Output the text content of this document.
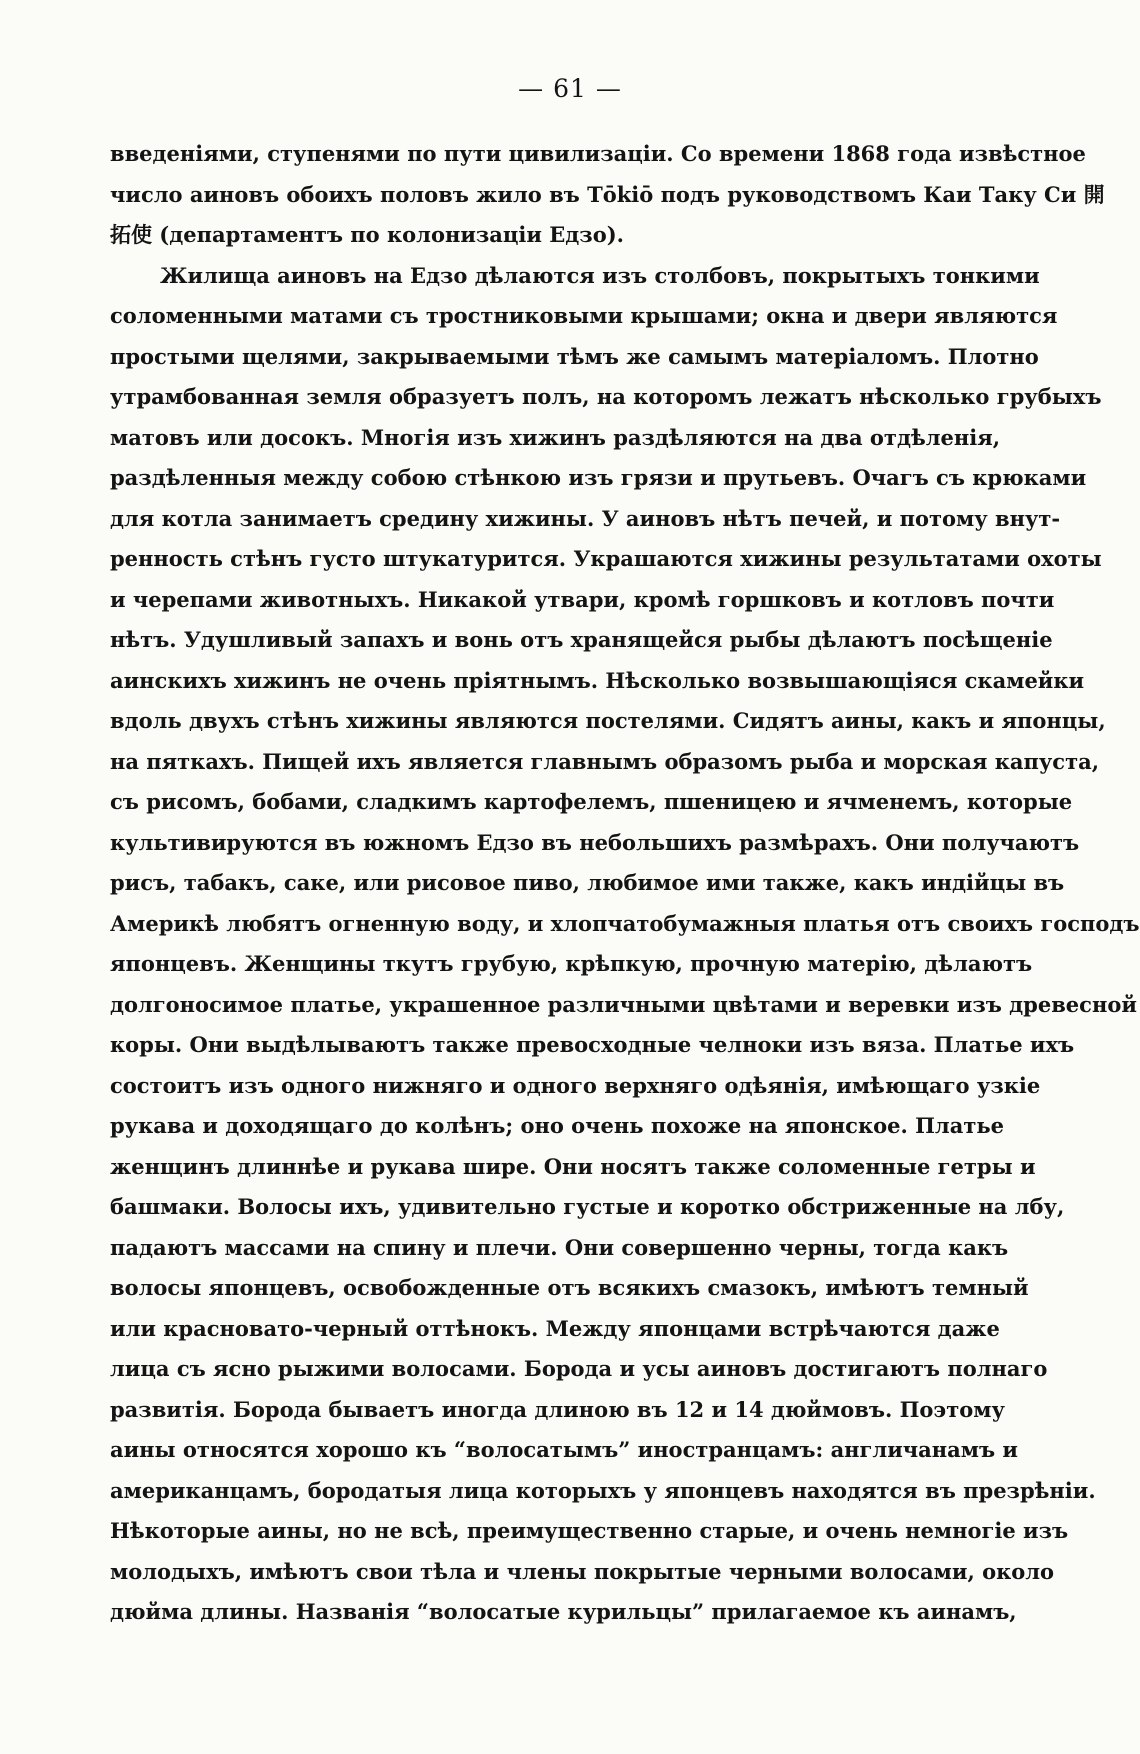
— 61 —
введеніями, ступенями по пути цивилизаціи. Со времени 1868 года извѣстное
число аиновъ обоихъ половъ жило въ Tōkiō подъ руководствомъ Каи Таку Си 開
拓使 (департаментъ по колонизаціи Едзо).
Жилища аиновъ на Едзо дѣлаются изъ столбовъ, покрытыхъ тонкими
соломенными матами съ тростниковыми крышами; окна и двери являются
простыми щелями, закрываемыми тѣмъ же самымъ матеріаломъ. Плотно
утрамбованная земля образуетъ полъ, на которомъ лежатъ нѣсколько грубыхъ
матовъ или досокъ. Многія изъ хижинъ раздѣляются на два отдѣленія,
раздѣленныя между собою стѣнкою изъ грязи и прутьевъ. Очагъ съ крюками
для котла занимаетъ средину хижины. У аиновъ нѣтъ печей, и потому внут-
ренность стѣнъ густо штукатурится. Украшаются хижины результатами охоты
и черепами животныхъ. Никакой утвари, кромѣ горшковъ и котловъ почти
нѣтъ. Удушливый запахъ и вонь отъ хранящейся рыбы дѣлаютъ посѣщеніе
аинскихъ хижинъ не очень пріятнымъ. Нѣсколько возвышающіяся скамейки
вдоль двухъ стѣнъ хижины являются постелями. Сидятъ аины, какъ и японцы,
на пяткахъ. Пищей ихъ является главнымъ образомъ рыба и морская капуста,
съ рисомъ, бобами, сладкимъ картофелемъ, пшеницею и ячменемъ, которые
культивируются въ южномъ Едзо въ небольшихъ размѣрахъ. Они получаютъ
рисъ, табакъ, саке, или рисовое пиво, любимое ими также, какъ индійцы въ
Америкѣ любятъ огненную воду, и хлопчатобумажныя платья отъ своихъ господъ
японцевъ. Женщины ткутъ грубую, крѣпкую, прочную матерію, дѣлаютъ
долгоносимое платье, украшенное различными цвѣтами и веревки изъ древесной
коры. Они выдѣлываютъ также превосходные челноки изъ вяза. Платье ихъ
состоитъ изъ одного нижняго и одного верхняго одѣянія, имѣющаго узкіе
рукава и доходящаго до колѣнъ; оно очень похоже на японское. Платье
женщинъ длиннѣе и рукава шире. Они носятъ также соломенные гетры и
башмаки. Волосы ихъ, удивительно густые и коротко обстриженные на лбу,
падаютъ массами на спину и плечи. Они совершенно черны, тогда какъ
волосы японцевъ, освобожденные отъ всякихъ смазокъ, имѣютъ темный
или красновато-черный оттѣнокъ. Между японцами встрѣчаются даже
лица съ ясно рыжими волосами. Борода и усы аиновъ достигаютъ полнаго
развитія. Борода бываетъ иногда длиною въ 12 и 14 дюймовъ. Поэтому
аины относятся хорошо къ “волосатымъ” иностранцамъ: англичанамъ и
американцамъ, бородатыя лица которыхъ у японцевъ находятся въ презрѣніи.
Нѣкоторые аины, но не всѣ, преимущественно старые, и очень немногіе изъ
молодыхъ, имѣютъ свои тѣла и члены покрытые черными волосами, около
дюйма длины. Названія “волосатые курильцы” прилагаемое къ аинамъ,
